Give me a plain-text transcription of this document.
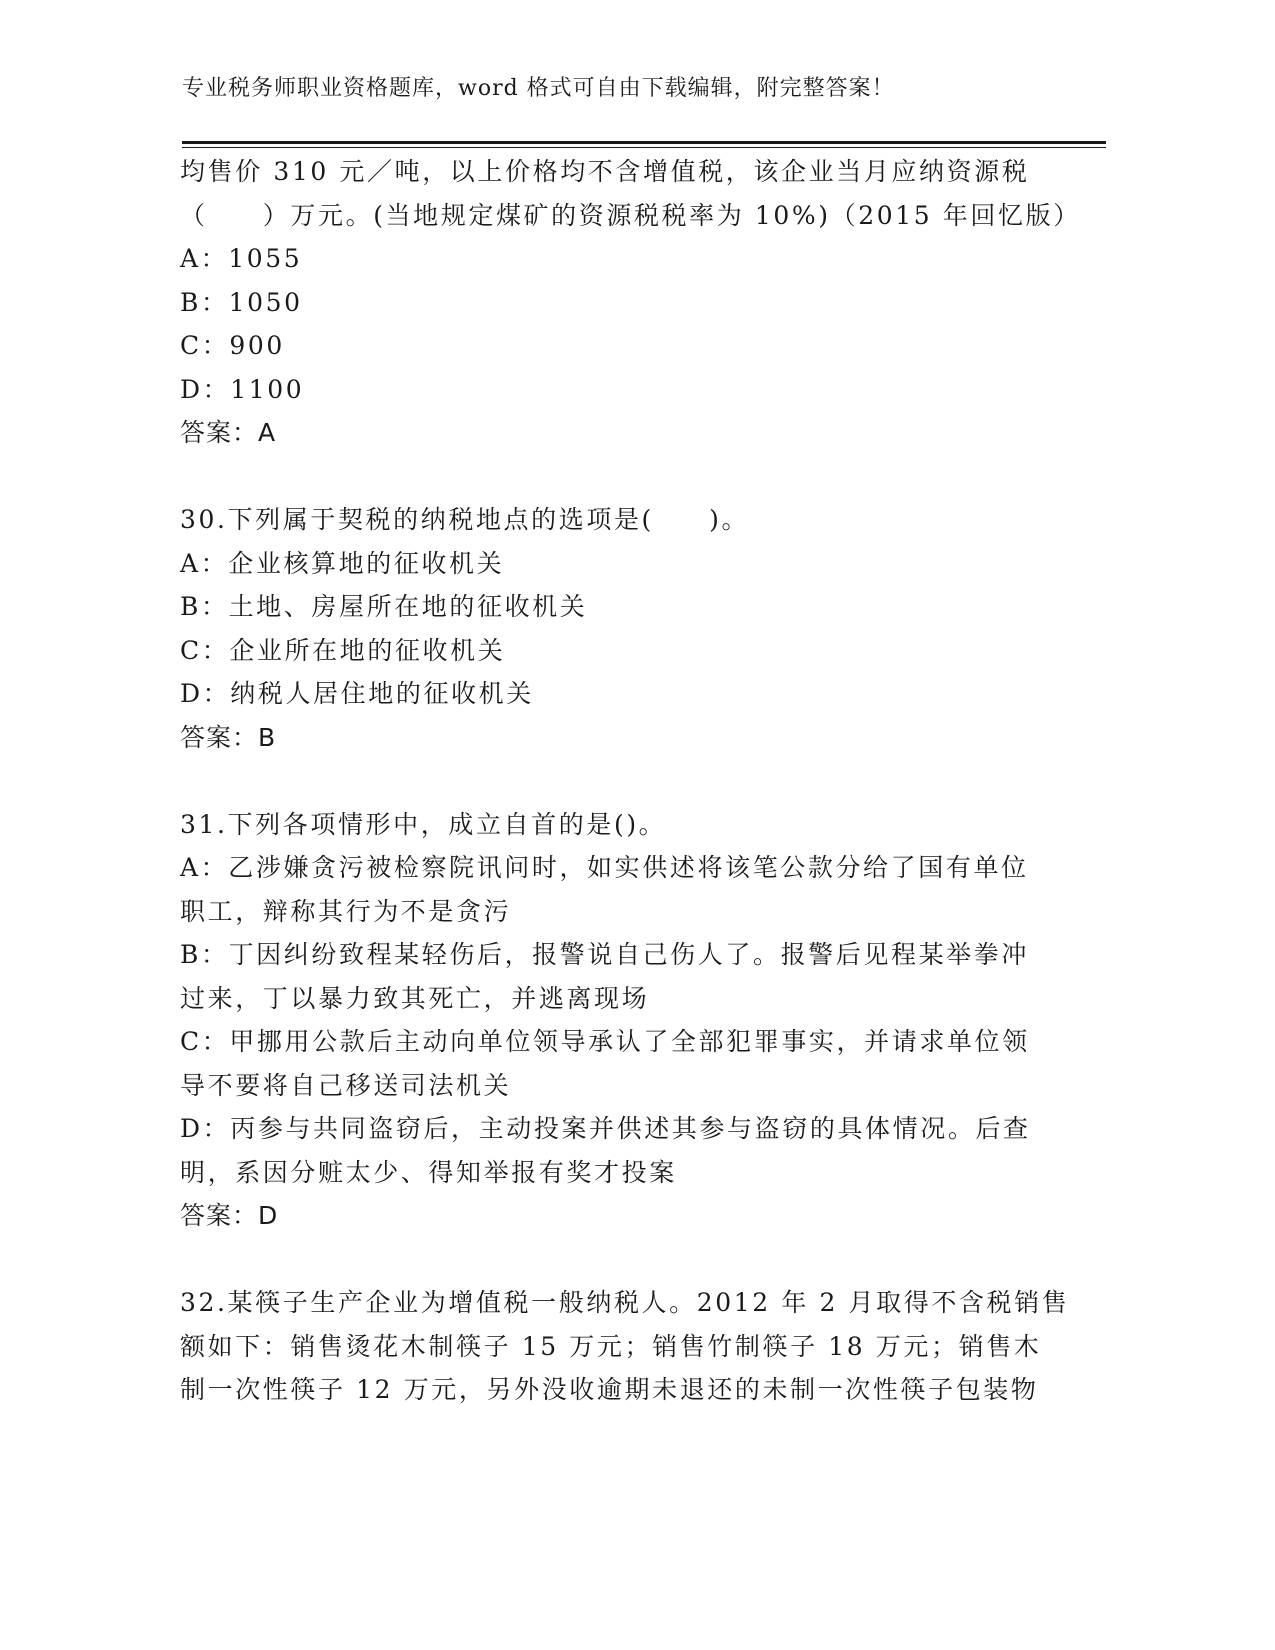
专业税务师职业资格题库，word 格式可自由下载编辑，附完整答案！
均售价 310 元／吨，以上价格均不含增值税，该企业当月应纳资源税
（　　）万元。(当地规定煤矿的资源税税率为 10%)（2015 年回忆版）
A：1055
B：1050
C：900
D：1100
答案：A
30.下列属于契税的纳税地点的选项是(　　)。
A：企业核算地的征收机关
B：土地、房屋所在地的征收机关
C：企业所在地的征收机关
D：纳税人居住地的征收机关
答案：B
31.下列各项情形中，成立自首的是()。
A：乙涉嫌贪污被检察院讯问时，如实供述将该笔公款分给了国有单位
职工，辩称其行为不是贪污
B：丁因纠纷致程某轻伤后，报警说自己伤人了。报警后见程某举拳冲
过来，丁以暴力致其死亡，并逃离现场
C：甲挪用公款后主动向单位领导承认了全部犯罪事实，并请求单位领
导不要将自己移送司法机关
D：丙参与共同盗窃后，主动投案并供述其参与盗窃的具体情况。后查
明，系因分赃太少、得知举报有奖才投案
答案：D
32.某筷子生产企业为增值税一般纳税人。2012 年 2 月取得不含税销售
额如下：销售烫花木制筷子 15 万元；销售竹制筷子 18 万元；销售木
制一次性筷子 12 万元，另外没收逾期未退还的未制一次性筷子包装物
